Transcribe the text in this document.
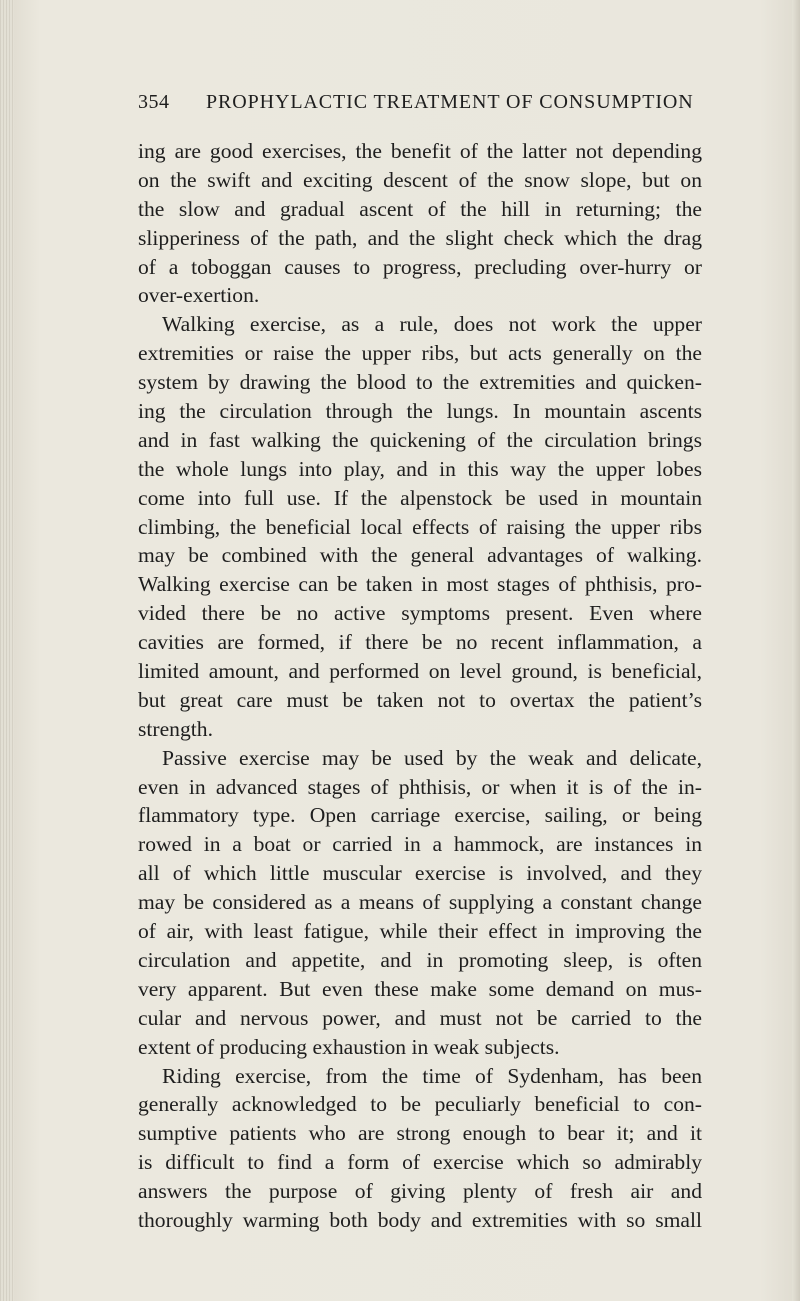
354 PROPHYLACTIC TREATMENT OF CONSUMPTION
ing are good exercises, the benefit of the latter not depending
on the swift and exciting descent of the snow slope, but on
the slow and gradual ascent of the hill in returning; the
slipperiness of the path, and the slight check which the drag
of a toboggan causes to progress, precluding over-hurry or
over-exertion.
Walking exercise, as a rule, does not work the upper
extremities or raise the upper ribs, but acts generally on the
system by drawing the blood to the extremities and quicken-
ing the circulation through the lungs. In mountain ascents
and in fast walking the quickening of the circulation brings
the whole lungs into play, and in this way the upper lobes
come into full use. If the alpenstock be used in mountain
climbing, the beneficial local effects of raising the upper ribs
may be combined with the general advantages of walking.
Walking exercise can be taken in most stages of phthisis, pro-
vided there be no active symptoms present. Even where
cavities are formed, if there be no recent inflammation, a
limited amount, and performed on level ground, is beneficial,
but great care must be taken not to overtax the patient’s
strength.
Passive exercise may be used by the weak and delicate,
even in advanced stages of phthisis, or when it is of the in-
flammatory type. Open carriage exercise, sailing, or being
rowed in a boat or carried in a hammock, are instances in
all of which little muscular exercise is involved, and they
may be considered as a means of supplying a constant change
of air, with least fatigue, while their effect in improving the
circulation and appetite, and in promoting sleep, is often
very apparent. But even these make some demand on mus-
cular and nervous power, and must not be carried to the
extent of producing exhaustion in weak subjects.
Riding exercise, from the time of Sydenham, has been
generally acknowledged to be peculiarly beneficial to con-
sumptive patients who are strong enough to bear it; and it
is difficult to find a form of exercise which so admirably
answers the purpose of giving plenty of fresh air and
thoroughly warming both body and extremities with so small
